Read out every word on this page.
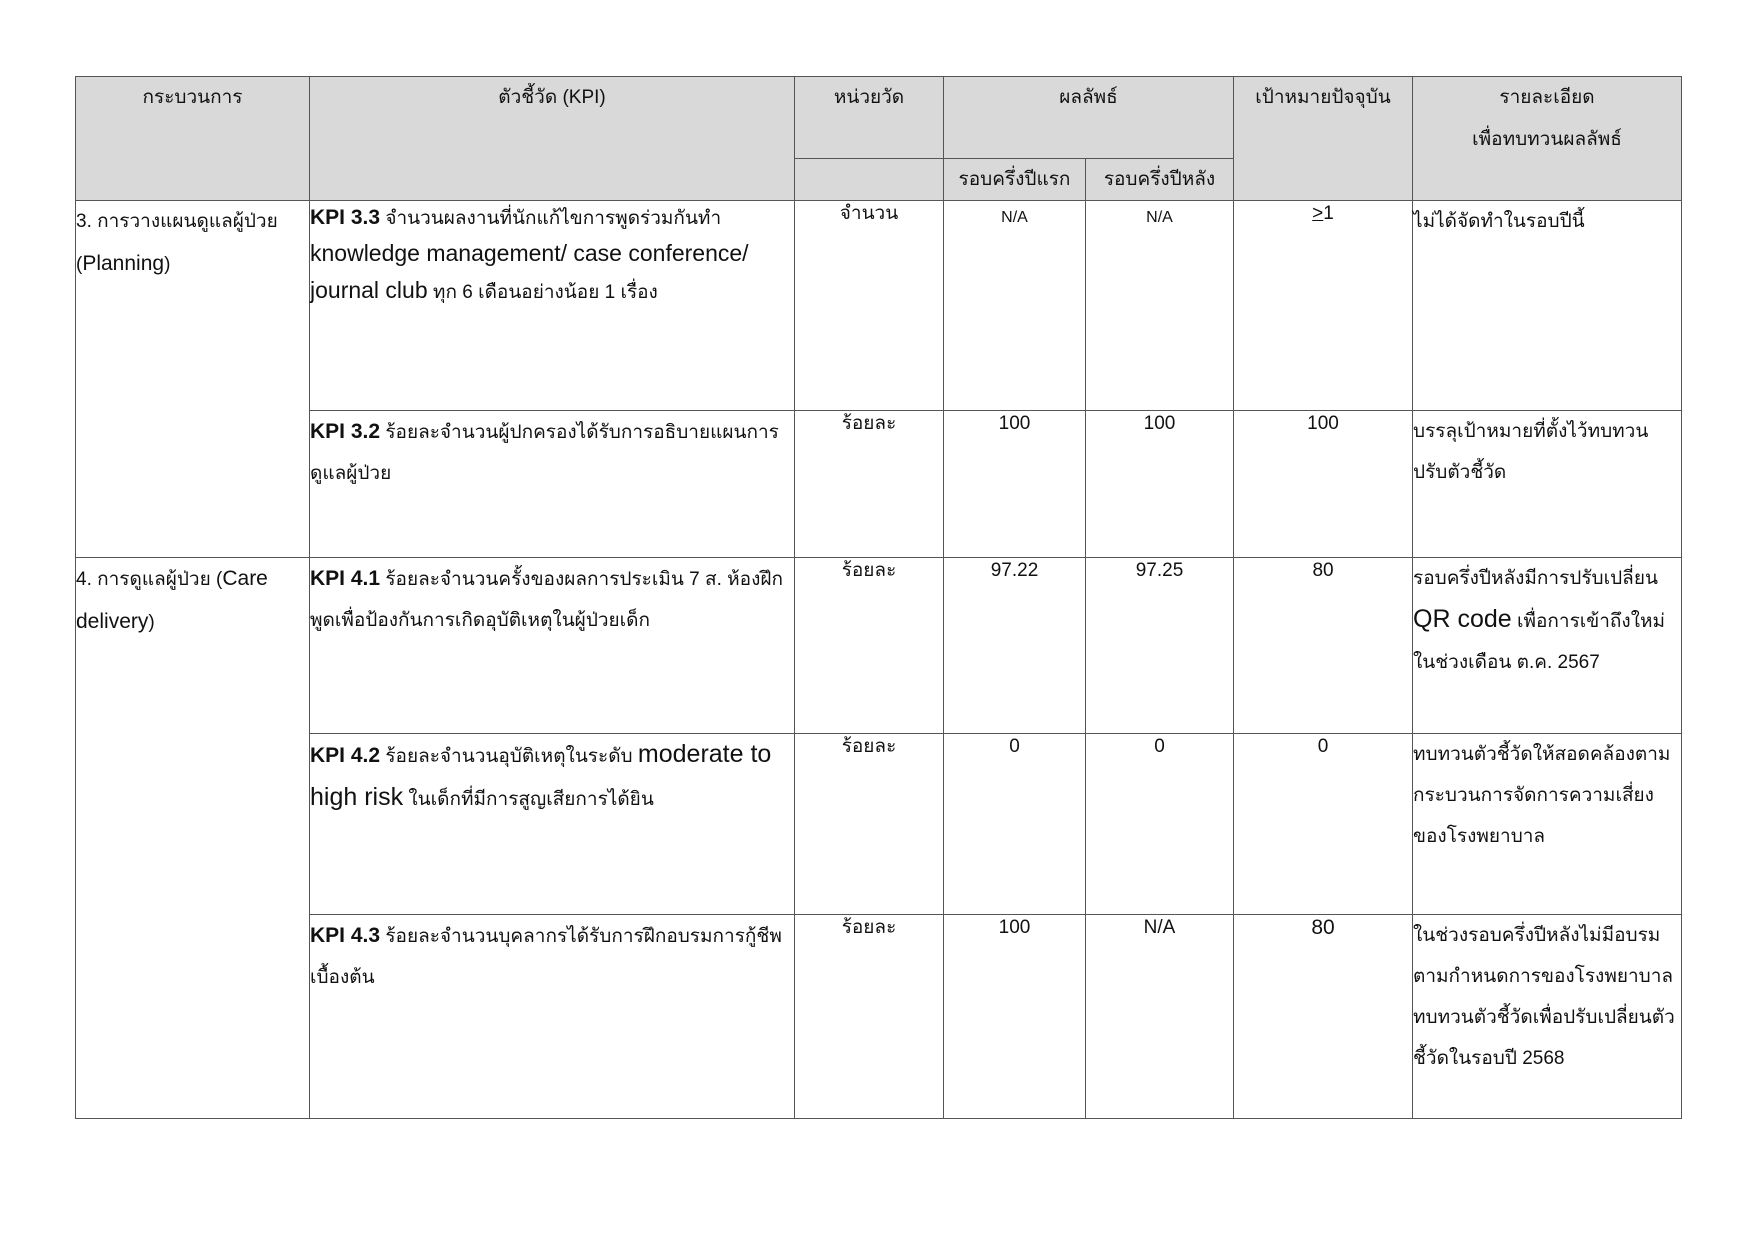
กระบวนการ	ตัวชี้วัด (KPI)	หน่วยวัด	ผลลัพธ์		เป้าหมายปัจจุบัน	รายละเอียด
เพื่อทบทวนผลลัพธ์

			รอบครึ่งปีแรก	รอบครึ่งปีหลัง		
3. การวางแผนดูแลผู้ป่วย (Planning)	KPI 3.3 จำนวนผลงานที่นักแก้ไขการพูดร่วมกันทำ knowledge management/ case conference/ journal club ทุก 6 เดือนอย่างน้อย 1 เรื่อง	จำนวน	N/A	N/A	>1	ไม่ได้จัดทำในรอบปีนี้
	KPI 3.2 ร้อยละจำนวนผู้ปกครองได้รับการอธิบายแผนการดูแลผู้ป่วย	ร้อยละ	100	100	100	บรรลุเป้าหมายที่ตั้งไว้ทบทวนปรับตัวชี้วัด
4. การดูแลผู้ป่วย (Care delivery)	KPI 4.1 ร้อยละจำนวนครั้งของผลการประเมิน 7 ส. ห้องฝึกพูดเพื่อป้องกันการเกิดอุบัติเหตุในผู้ป่วยเด็ก	ร้อยละ	97.22	97.25	80	รอบครึ่งปีหลังมีการปรับเปลี่ยน QR code เพื่อการเข้าถึงใหม่ในช่วงเดือน ต.ค. 2567
	KPI 4.2 ร้อยละจำนวนอุบัติเหตุในระดับ moderate to high risk ในเด็กที่มีการสูญเสียการได้ยิน	ร้อยละ	0	0	0	ทบทวนตัวชี้วัดให้สอดคล้องตามกระบวนการจัดการความเสี่ยงของโรงพยาบาล
	KPI 4.3 ร้อยละจำนวนบุคลากรได้รับการฝึกอบรมการกู้ชีพเบื้องต้น	ร้อยละ	100	N/A	80	ในช่วงรอบครึ่งปีหลังไม่มีอบรมตามกำหนดการของโรงพยาบาลทบทวนตัวชี้วัดเพื่อปรับเปลี่ยนตัวชี้วัดในรอบปี 2568
